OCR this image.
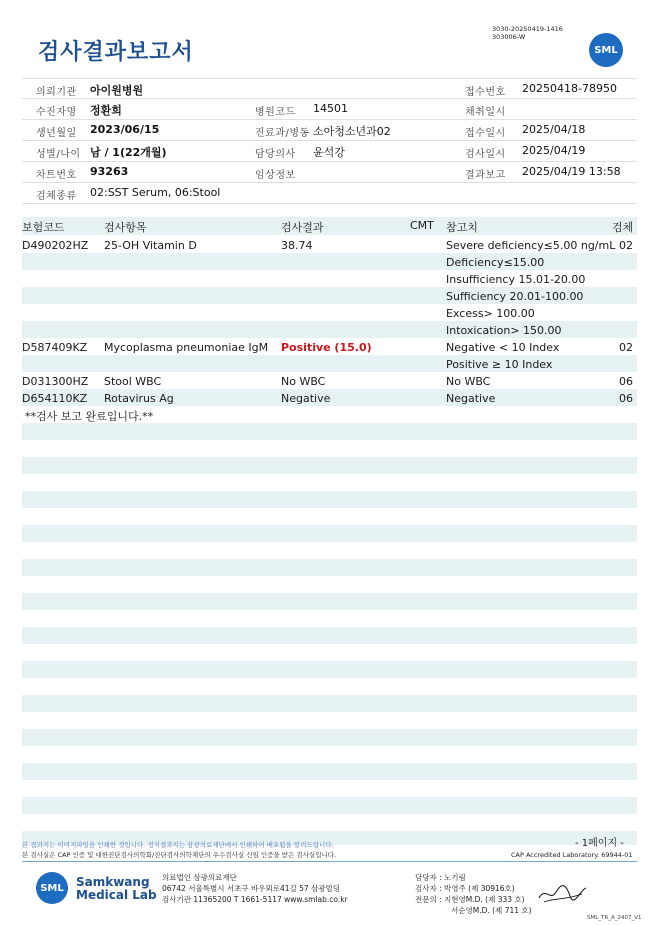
검사결과보고서
3030-20250419-1416
303006-W
SML
의뢰기관 아이원병원	접수번호 20250418-78950
수진자명 정환희	병원코드 14501	채취일시
생년월일 2023/06/15	진료과/병동 소아청소년과02	접수일시 2025/04/18
성별/나이 남 / 1(22개월)	담당의사 윤석강	검사일시 2025/04/19
차트번호 93263	임상정보	결과보고 2025/04/19 13:58
검체종류 02:SST Serum, 06:Stool
보험코드	검사항목	검사결과	CMT 참고치	검체
D490202HZ 25-OH Vitamin D	38.74	Severe deficiency≤5.00 ng/mL 02
Deficiency≤15.00
Insufficiency 15.01-20.00
Sufficiency 20.01-100.00
Excess> 100.00
Intoxication> 150.00
D587409KZ Mycoplasma pneumoniae IgM Positive (15.0)	Negative < 10 Index	02
Positive ≥ 10 Index
D031300HZ Stool WBC	No WBC	No WBC	06
D654110KZ Rotavirus Ag	Negative	Negative	06
**검사 보고 완료입니다.**
- 1페이지 -
본 결과지는 이미지파일을 인쇄한 것입니다. 정식결과지는 삼광의료재단에서 인쇄하여 배포됨을 알려드립니다.
본 검사실은 CAP 인증 및 대한진단검사의학회/진단검사의학재단의 우수검사실 신임 인증을 받은 검사실입니다.	CAP Accredited Laboratory. 69944-01
SML	Samkwang
Medical Lab
의료법인 삼광의료재단
06742 서울특별시 서초구 바우뫼로41길 57 삼광빌딩
검사기관 11365200 T 1661-5117 www.smlab.co.kr
담당자 : 노기림
검사자 : 박영주 (제 30916호)
전문의 : 지현영M.D. (제 333 호)
서순영M.D. (제 711 호)
SML_TR_A_2407_V1
